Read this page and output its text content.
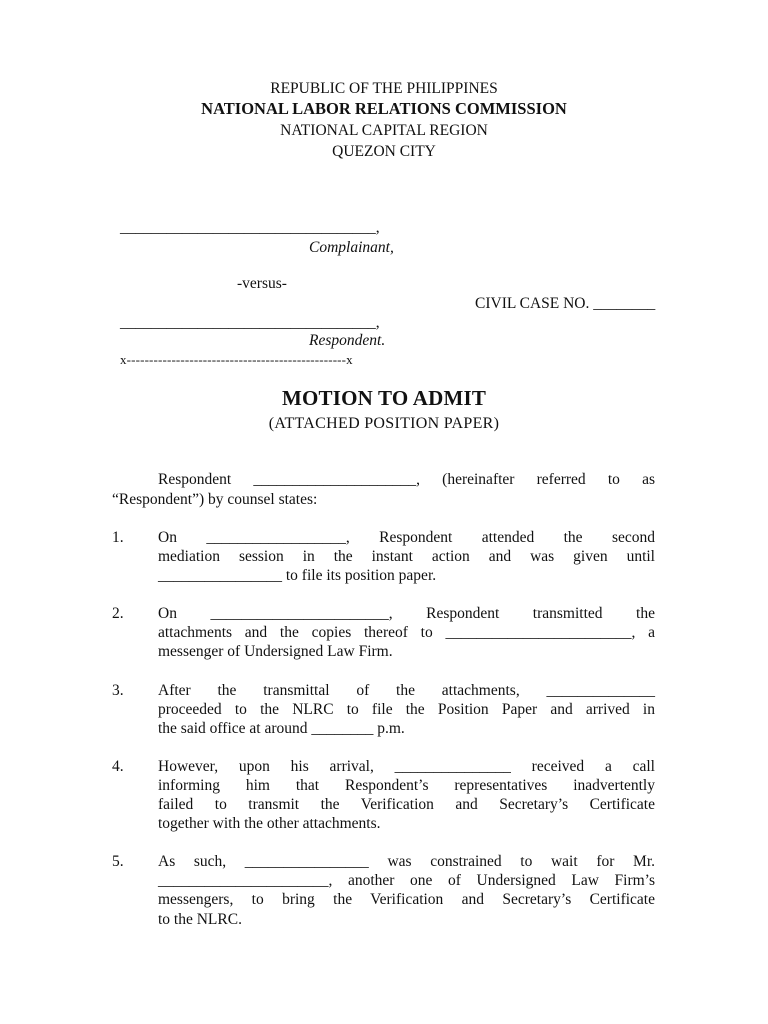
REPUBLIC OF THE PHILIPPINES
NATIONAL LABOR RELATIONS COMMISSION
NATIONAL CAPITAL REGION
QUEZON CITY
_________________________________,
Complainant,
-versus-
CIVIL CASE NO. ________
_________________________________,
Respondent.
x-------------------------------------------------x
MOTION TO ADMIT
(ATTACHED POSITION PAPER)
Respondent _____________________, (hereinafter referred to as
“Respondent”) by counsel states:
1. On __________________, Respondent attended the second
mediation session in the instant action and was given until
________________ to file its position paper.
2. On _______________________, Respondent transmitted the
attachments and the copies thereof to ________________________, a
messenger of Undersigned Law Firm.
3. After the transmittal of the attachments, ______________
proceeded to the NLRC to file the Position Paper and arrived in
the said office at around ________ p.m.
4. However, upon his arrival, _______________ received a call
informing him that Respondent’s representatives inadvertently
failed to transmit the Verification and Secretary’s Certificate
together with the other attachments.
5. As such, ________________ was constrained to wait for Mr.
______________________, another one of Undersigned Law Firm’s
messengers, to bring the Verification and Secretary’s Certificate
to the NLRC.
